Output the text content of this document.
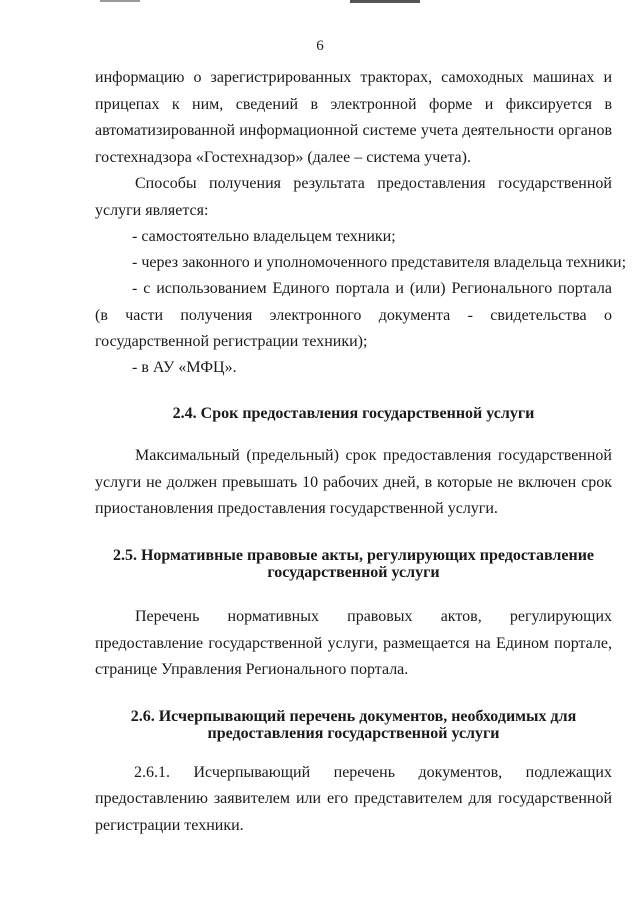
6

информацию о зарегистрированных тракторах, самоходных машинах и прицепах к ним, сведений в электронной форме и фиксируется в автоматизированной информационной системе учета деятельности органов гостехнадзора «Гостехнадзор» (далее – система учета).

Способы получения результата предоставления государственной услуги является:

- самостоятельно владельцем техники;

- через законного и уполномоченного представителя владельца техники;

- с использованием Единого портала и (или) Регионального портала (в части получения электронного документа - свидетельства о государственной регистрации техники);

- в АУ «МФЦ».

2.4. Срок предоставления государственной услуги

Максимальный (предельный) срок предоставления государственной услуги не должен превышать 10 рабочих дней, в которые не включен срок приостановления предоставления государственной услуги.

2.5. Нормативные правовые акты, регулирующих предоставление государственной услуги

Перечень нормативных правовых актов, регулирующих предоставление государственной услуги, размещается на Едином портале, странице Управления Регионального портала.

2.6. Исчерпывающий перечень документов, необходимых для предоставления государственной услуги
2.6.1. Исчерпывающий перечень документов, подлежащих

предоставлению заявителем или его представителем для государственной регистрации техники.
